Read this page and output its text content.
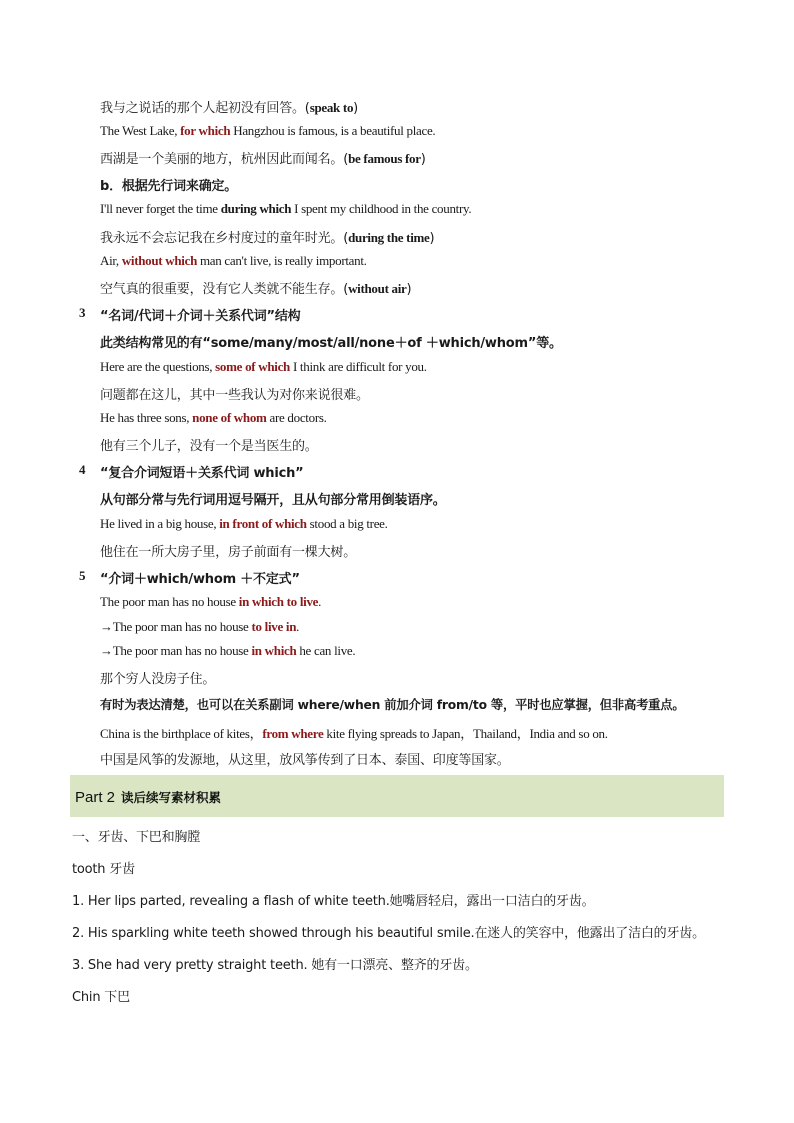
我与之说话的那个人起初没有回答。(speak to)
The West Lake, for which Hangzhou is famous, is a beautiful place.
西湖是一个美丽的地方，杭州因此而闻名。(be famous for)
b．根据先行词来确定。
I'll never forget the time during which I spent my childhood in the country.
我永远不会忘记我在乡村度过的童年时光。(during the time)
Air, without which man can't live, is really important.
空气真的很重要，没有它人类就不能生存。(without air)
3 “名词/代词＋介词＋关系代词”结构
此类结构常见的有“some/many/most/all/none＋of ＋which/whom”等。
Here are the questions, some of which I think are difficult for you.
问题都在这儿，其中一些我认为对你来说很难。
He has three sons, none of whom are doctors.
他有三个儿子，没有一个是当医生的。
4 “复合介词短语＋关系代词 which”
从句部分常与先行词用逗号隔开，且从句部分常用倒装语序。
He lived in a big house, in front of which stood a big tree.
他住在一所大房子里，房子前面有一棵大树。
5 “介词＋which/whom ＋不定式”
The poor man has no house in which to live.
→The poor man has no house to live in.
→The poor man has no house in which he can live.
那个穷人没房子住。
有时为表达清楚，也可以在关系副词 where/when 前加介词 from/to 等，平时也应掌握，但非高考重点。
China is the birthplace of kites，from where kite flying spreads to Japan，Thailand，India and so on.
中国是风筝的发源地，从这里，放风筝传到了日本、泰国、印度等国家。
Part 2 读后续写素材积累
一、牙齿、下巴和胸膛
tooth 牙齿
1. Her lips parted, revealing a flash of white teeth.她嘴唇轻启，露出一口洁白的牙齿。
2. His sparkling white teeth showed through his beautiful smile.在迷人的笑容中，他露出了洁白的牙齿。
3. She had very pretty straight teeth. 她有一口漂亮、整齐的牙齿。
Chin 下巴
